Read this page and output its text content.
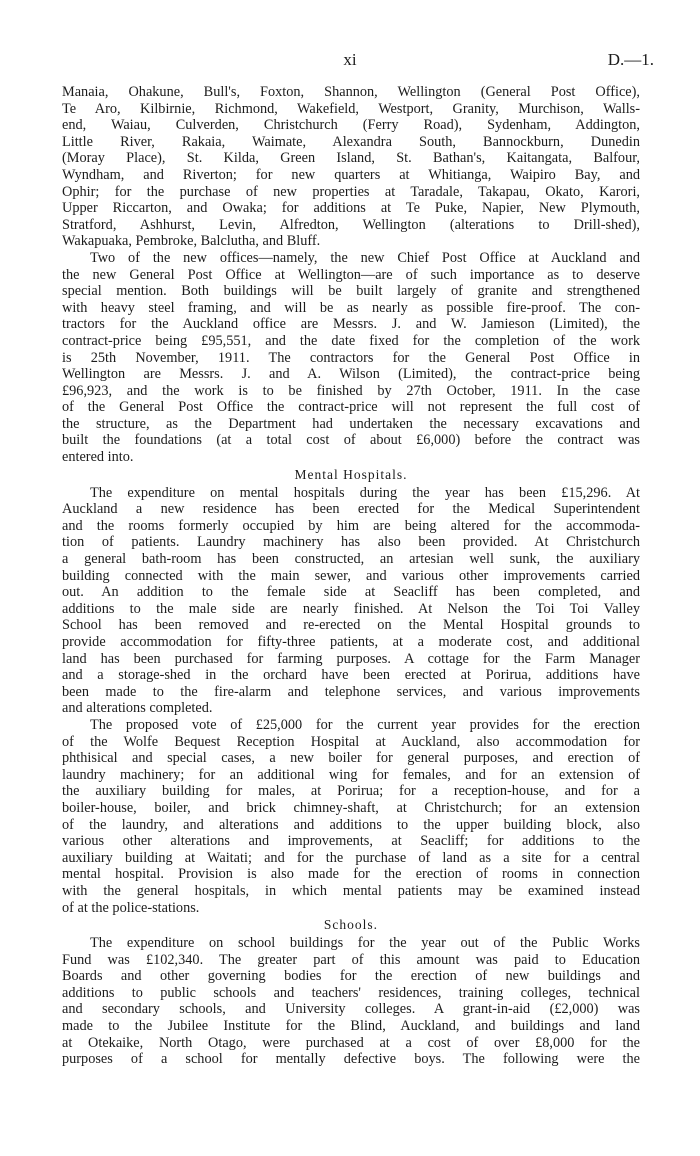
xi	D.—1.
Manaia, Ohakune, Bull's, Foxton, Shannon, Wellington (General Post Office),
Te Aro, Kilbirnie, Richmond, Wakefield, Westport, Granity, Murchison, Walls-
end, Waiau, Culverden, Christchurch (Ferry Road), Sydenham, Addington,
Little River, Rakaia, Waimate, Alexandra South, Bannockburn, Dunedin
(Moray Place), St. Kilda, Green Island, St. Bathan's, Kaitangata, Balfour,
Wyndham, and Riverton; for new quarters at Whitianga, Waipiro Bay, and
Ophir; for the purchase of new properties at Taradale, Takapau, Okato, Karori,
Upper Riccarton, and Owaka; for additions at Te Puke, Napier, New Plymouth,
Stratford, Ashhurst, Levin, Alfredton, Wellington (alterations to Drill-shed),
Wakapuaka, Pembroke, Balclutha, and Bluff.
Two of the new offices—namely, the new Chief Post Office at Auckland and
the new General Post Office at Wellington—are of such importance as to deserve
special mention. Both buildings will be built largely of granite and strengthened
with heavy steel framing, and will be as nearly as possible fire-proof. The con-
tractors for the Auckland office are Messrs. J. and W. Jamieson (Limited), the
contract-price being £95,551, and the date fixed for the completion of the work
is 25th November, 1911. The contractors for the General Post Office in
Wellington are Messrs. J. and A. Wilson (Limited), the contract-price being
£96,923, and the work is to be finished by 27th October, 1911. In the case
of the General Post Office the contract-price will not represent the full cost of
the structure, as the Department had undertaken the necessary excavations and
built the foundations (at a total cost of about £6,000) before the contract was
entered into.
Mental Hospitals.
The expenditure on mental hospitals during the year has been £15,296. At
Auckland a new residence has been erected for the Medical Superintendent
and the rooms formerly occupied by him are being altered for the accommoda-
tion of patients. Laundry machinery has also been provided. At Christchurch
a general bath-room has been constructed, an artesian well sunk, the auxiliary
building connected with the main sewer, and various other improvements carried
out. An addition to the female side at Seacliff has been completed, and
additions to the male side are nearly finished. At Nelson the Toi Toi Valley
School has been removed and re-erected on the Mental Hospital grounds to
provide accommodation for fifty-three patients, at a moderate cost, and additional
land has been purchased for farming purposes. A cottage for the Farm Manager
and a storage-shed in the orchard have been erected at Porirua, additions have
been made to the fire-alarm and telephone services, and various improvements
and alterations completed.
The proposed vote of £25,000 for the current year provides for the erection
of the Wolfe Bequest Reception Hospital at Auckland, also accommodation for
phthisical and special cases, a new boiler for general purposes, and erection of
laundry machinery; for an additional wing for females, and for an extension of
the auxiliary building for males, at Porirua; for a reception-house, and for a
boiler-house, boiler, and brick chimney-shaft, at Christchurch; for an extension
of the laundry, and alterations and additions to the upper building block, also
various other alterations and improvements, at Seacliff; for additions to the
auxiliary building at Waitati; and for the purchase of land as a site for a central
mental hospital. Provision is also made for the erection of rooms in connection
with the general hospitals, in which mental patients may be examined instead
of at the police-stations.
Schools.
The expenditure on school buildings for the year out of the Public Works
Fund was £102,340. The greater part of this amount was paid to Education
Boards and other governing bodies for the erection of new buildings and
additions to public schools and teachers' residences, training colleges, technical
and secondary schools, and University colleges. A grant-in-aid (£2,000) was
made to the Jubilee Institute for the Blind, Auckland, and buildings and land
at Otekaike, North Otago, were purchased at a cost of over £8,000 for the
purposes of a school for mentally defective boys. The following were the
